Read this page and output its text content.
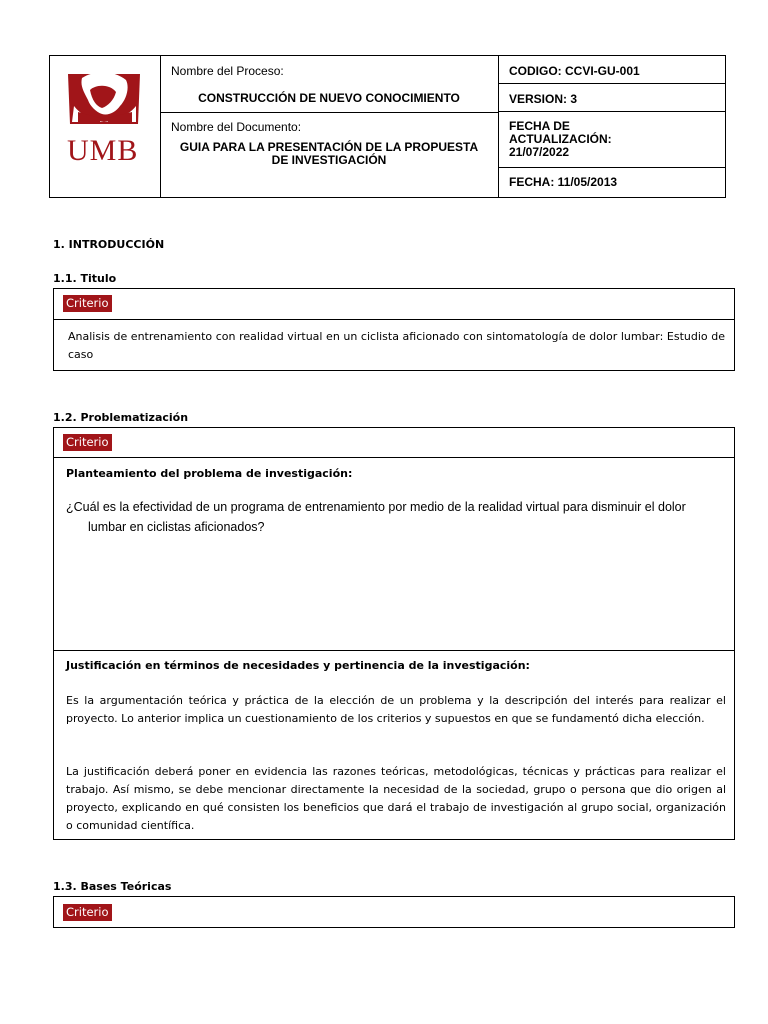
UMB
Nombre del Proceso:
CONSTRUCCIÓN DE NUEVO CONOCIMIENTO
Nombre del Documento:
GUIA PARA LA PRESENTACIÓN DE LA PROPUESTA
DE INVESTIGACIÓN
CODIGO: CCVI-GU-001
VERSION: 3
FECHA DE
ACTUALIZACIÓN:
21/07/2022
FECHA: 11/05/2013
1. INTRODUCCIÓN
1.1. Titulo
Criterio
Analisis de entrenamiento con realidad virtual en un ciclista aficionado con sintomatología de dolor lumbar: Estudio de caso
1.2. Problematización
Criterio
Planteamiento del problema de investigación:
¿Cuál es la efectividad de un programa de entrenamiento por medio de la realidad virtual para disminuir el dolor
lumbar en ciclistas aficionados?
Justificación en términos de necesidades y pertinencia de la investigación:
Es la argumentación teórica y práctica de la elección de un problema y la descripción del interés para realizar el proyecto. Lo anterior implica un cuestionamiento de los criterios y supuestos en que se fundamentó dicha elección.
La justificación deberá poner en evidencia las razones teóricas, metodológicas, técnicas y prácticas para realizar el trabajo. Así mismo, se debe mencionar directamente la necesidad de la sociedad, grupo o persona que dio origen al proyecto, explicando en qué consisten los beneficios que dará el trabajo de investigación al grupo social, organización o comunidad científica.
1.3. Bases Teóricas
Criterio
